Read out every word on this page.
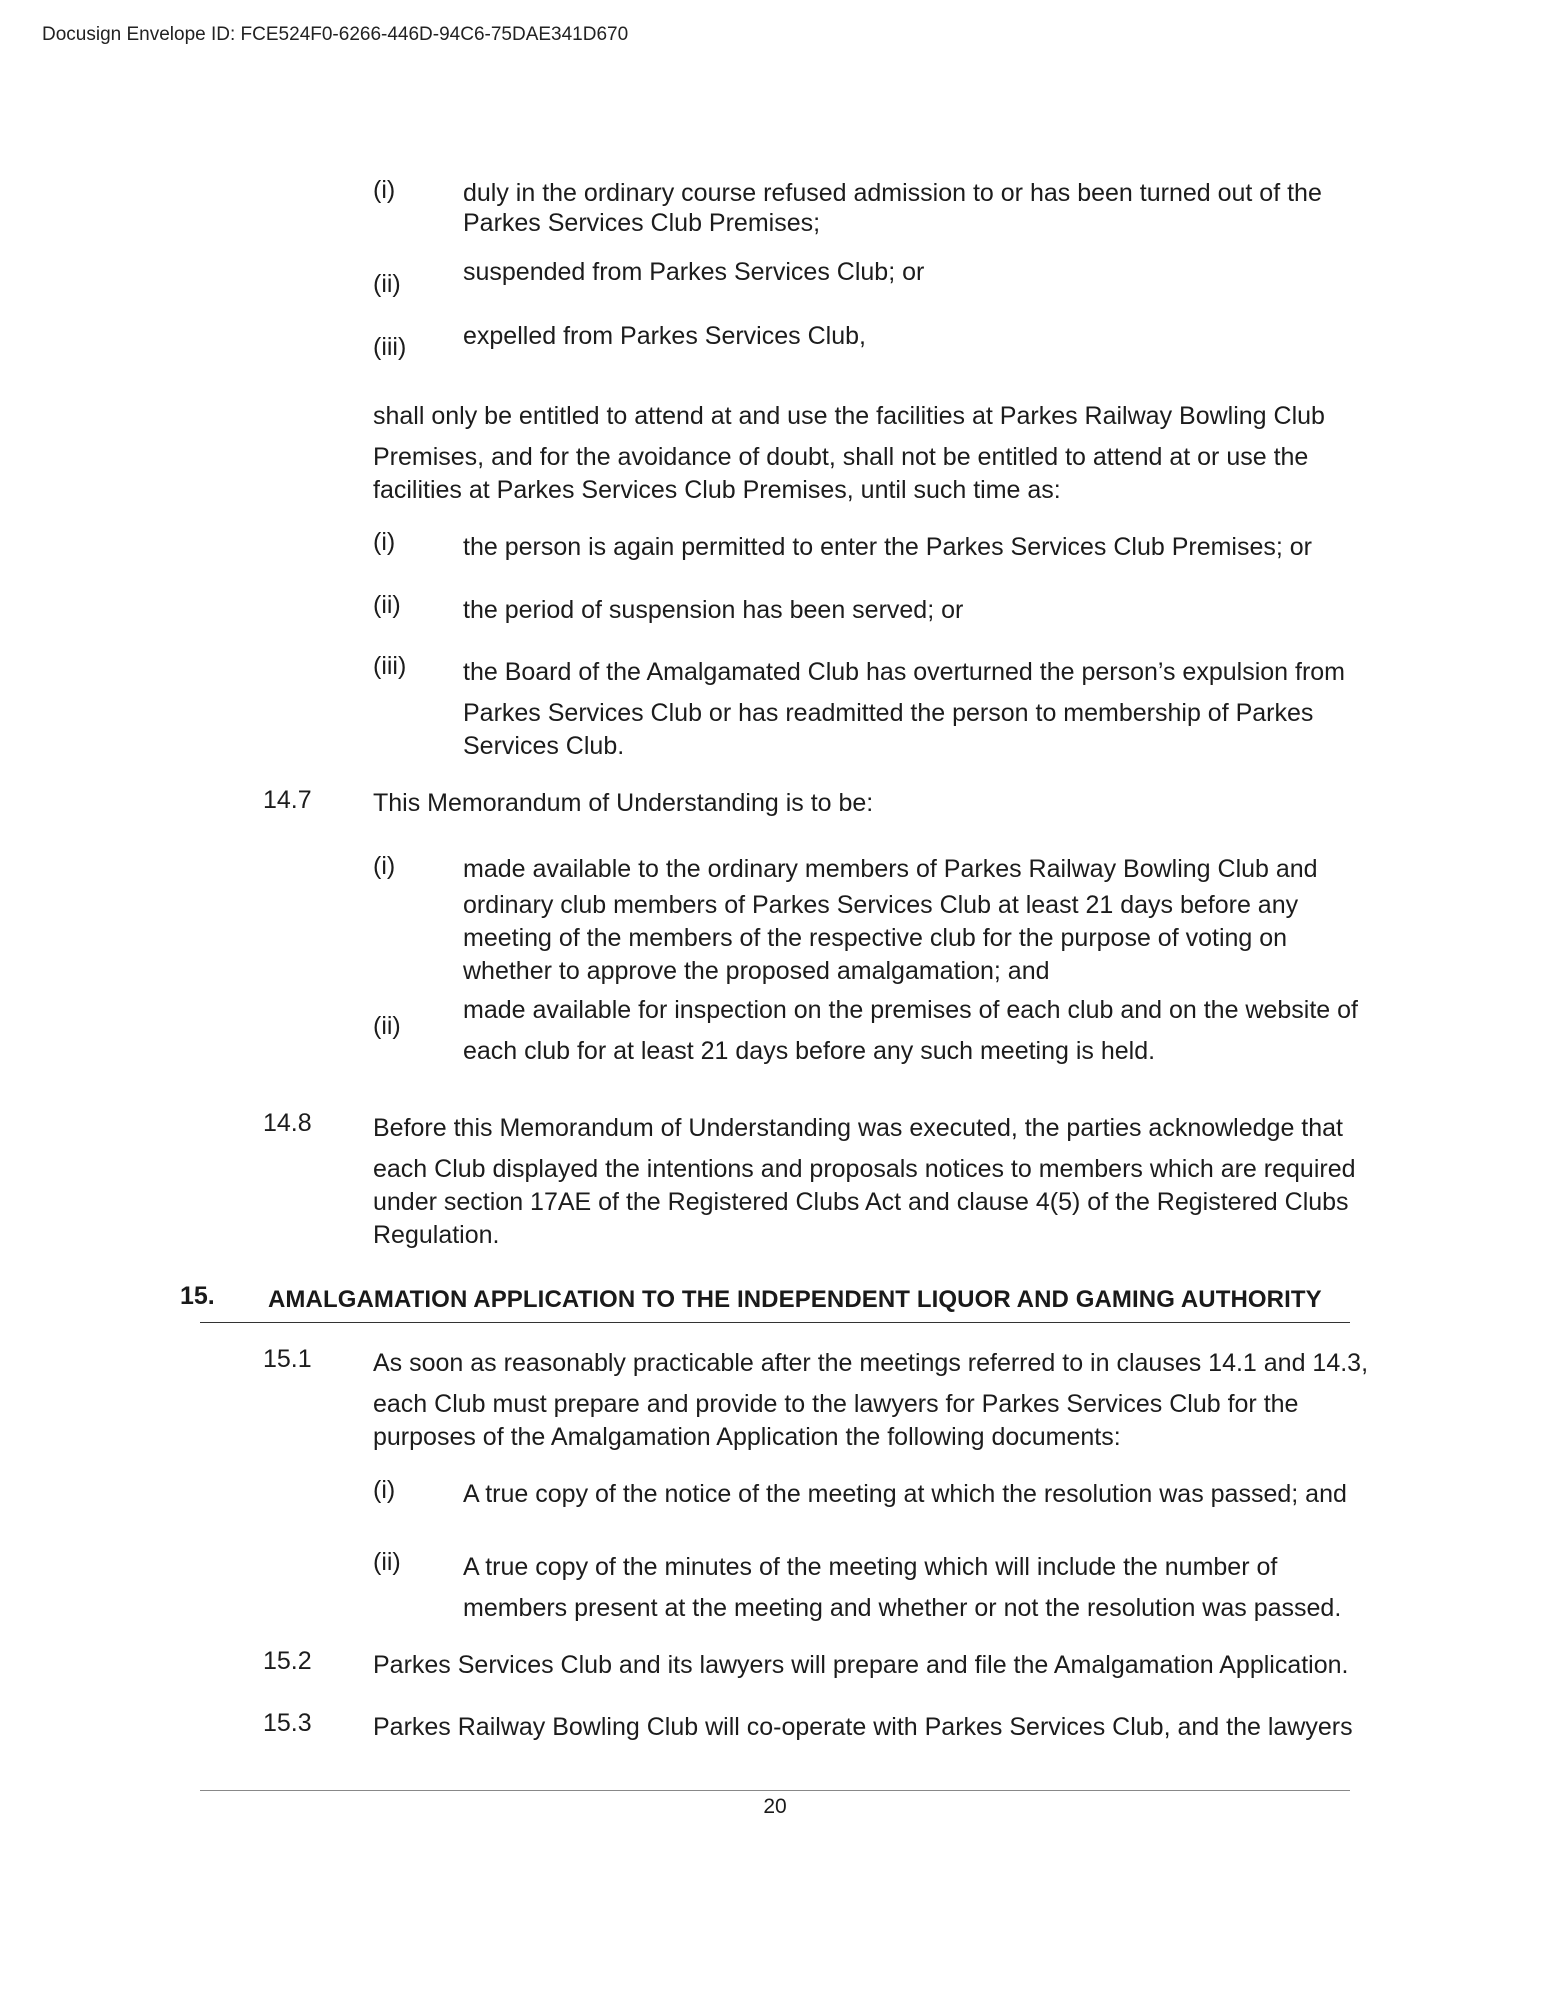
Docusign Envelope ID: FCE524F0-6266-446D-94C6-75DAE341D670
(i)	duly in the ordinary course refused admission to or has been turned out of the
Parkes Services Club Premises;
(ii) suspended from Parkes Services Club; or
(iii) expelled from Parkes Services Club,
shall only be entitled to attend at and use the facilities at Parkes Railway Bowling Club
Premises, and for the avoidance of doubt, shall not be entitled to attend at or use the
facilities at Parkes Services Club Premises, until such time as:
(i)	the person is again permitted to enter the Parkes Services Club Premises; or
(ii) the period of suspension has been served; or
(iii) the Board of the Amalgamated Club has overturned the person’s expulsion from
Parkes Services Club or has readmitted the person to membership of Parkes
Services Club.
14.7 This Memorandum of Understanding is to be:
(i)	made available to the ordinary members of Parkes Railway Bowling Club and
ordinary club members of Parkes Services Club at least 21 days before any
meeting of the members of the respective club for the purpose of voting on
whether to approve the proposed amalgamation; and
(ii)
made available for inspection on the premises of each club and on the website of
each club for at least 21 days before any such meeting is held.
14.8 Before this Memorandum of Understanding was executed, the parties acknowledge that
each Club displayed the intentions and proposals notices to members which are required
under section 17AE of the Registered Clubs Act and clause 4(5) of the Registered Clubs
Regulation.
15. AMALGAMATION APPLICATION TO THE INDEPENDENT LIQUOR AND GAMING AUTHORITY
15.1 As soon as reasonably practicable after the meetings referred to in clauses 14.1 and 14.3,
each Club must prepare and provide to the lawyers for Parkes Services Club for the
purposes of the Amalgamation Application the following documents:
(i)	A true copy of the notice of the meeting at which the resolution was passed; and
(ii) A true copy of the minutes of the meeting which will include the number of
members present at the meeting and whether or not the resolution was passed.
15.2 Parkes Services Club and its lawyers will prepare and file the Amalgamation Application.
15.3 Parkes Railway Bowling Club will co-operate with Parkes Services Club, and the lawyers
20
